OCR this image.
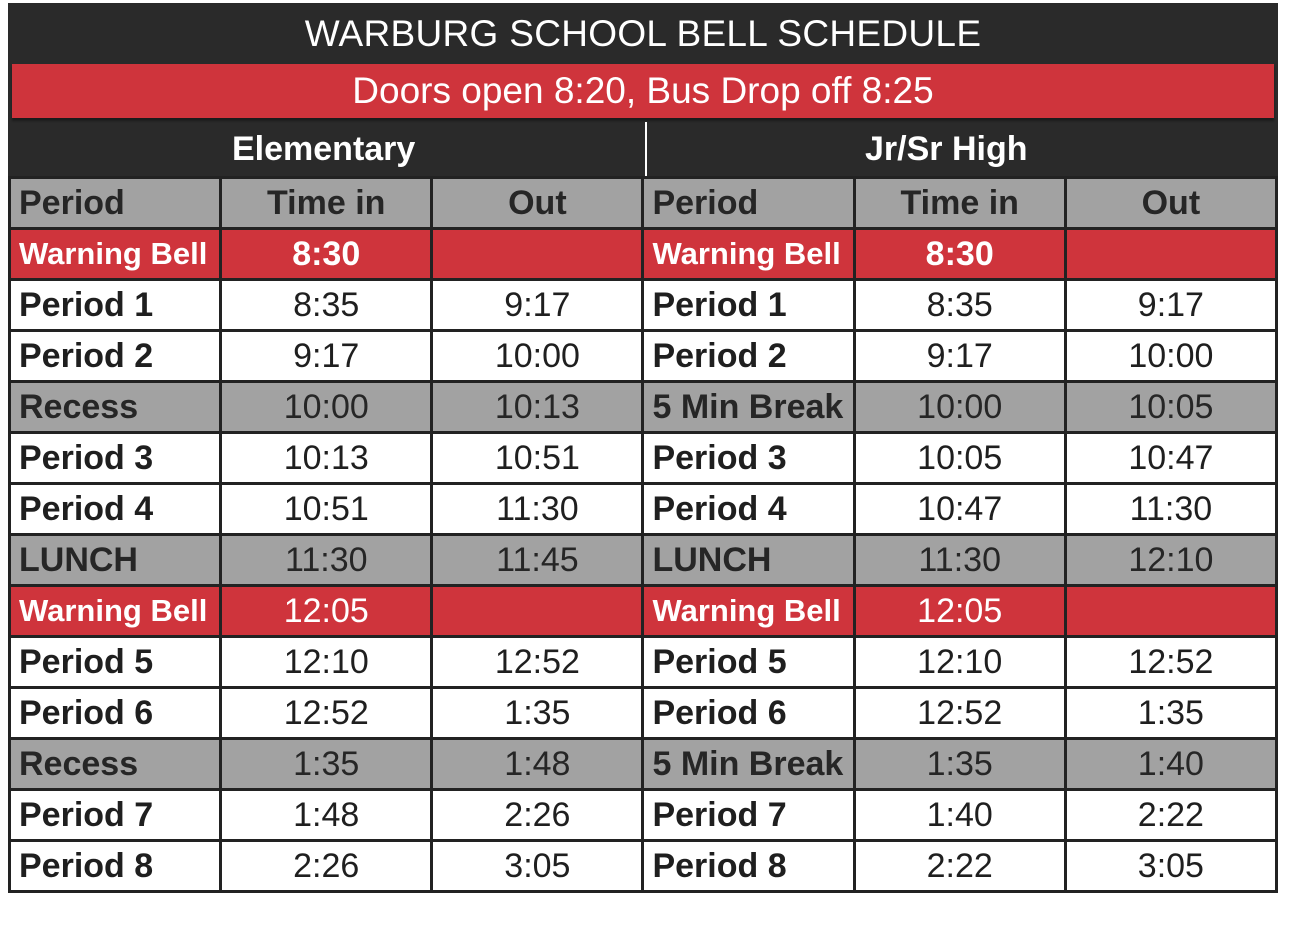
WARBURG SCHOOL BELL SCHEDULE
Doors open 8:20, Bus Drop off 8:25
Elementary	Jr/Sr High
Period	Time in	Out	Period	Time in	Out
Warning Bell	8:30		Warning Bell	8:30	
Period 1	8:35	9:17	Period 1	8:35	9:17
Period 2	9:17	10:00	Period 2	9:17	10:00
Recess	10:00	10:13	5 Min Break	10:00	10:05
Period 3	10:13	10:51	Period 3	10:05	10:47
Period 4	10:51	11:30	Period 4	10:47	11:30
LUNCH	11:30	11:45	LUNCH	11:30	12:10
Warning Bell	12:05		Warning Bell	12:05	
Period 5	12:10	12:52	Period 5	12:10	12:52
Period 6	12:52	1:35	Period 6	12:52	1:35
Recess	1:35	1:48	5 Min Break	1:35	1:40
Period 7	1:48	2:26	Period 7	1:40	2:22
Period 8	2:26	3:05	Period 8	2:22	3:05
